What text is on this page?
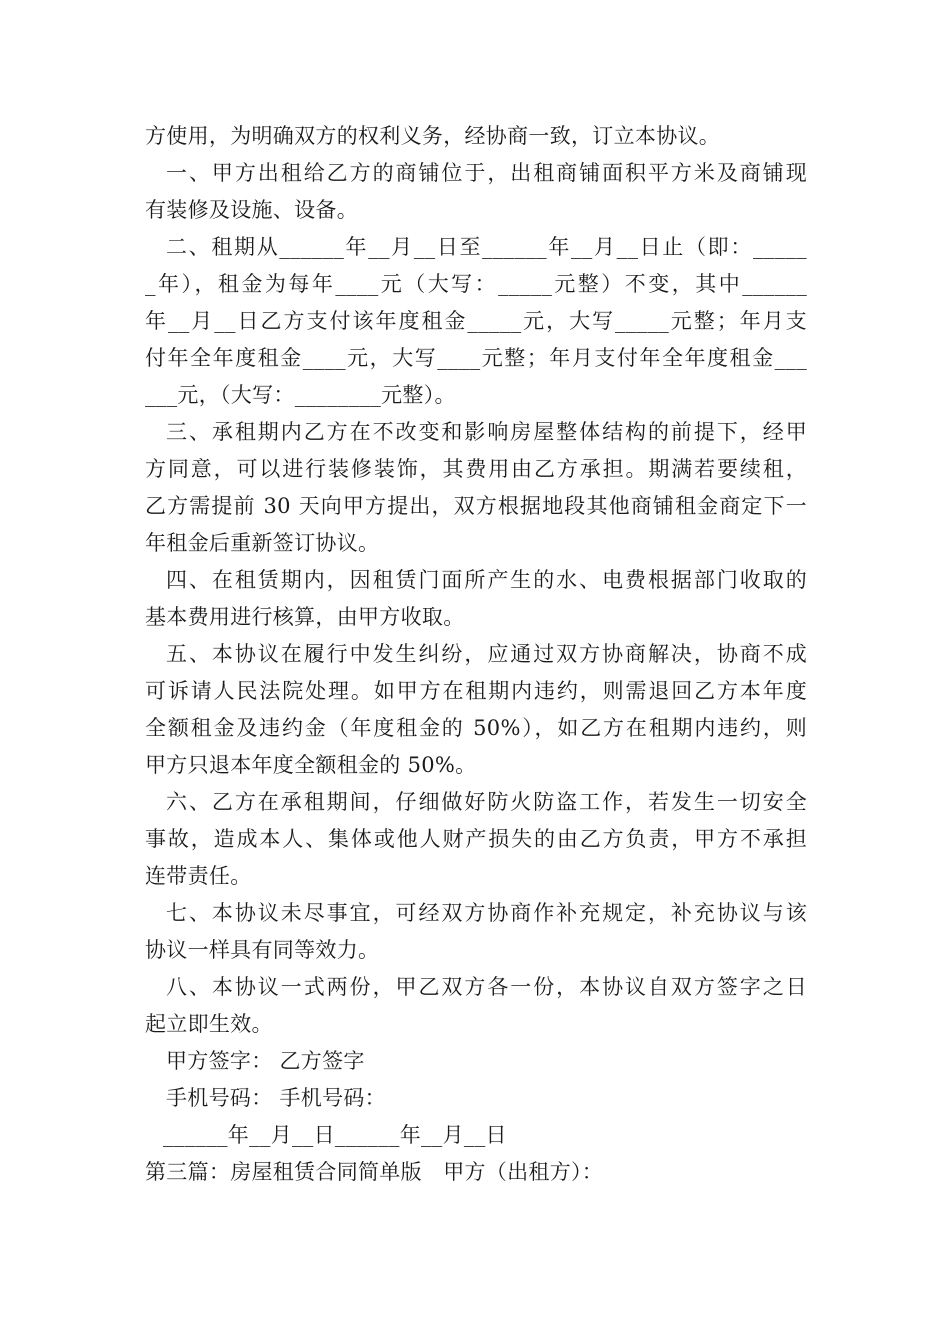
方使用，为明确双方的权利义务，经协商一致，订立本协议。
一、甲方出租给乙方的商铺位于，出租商铺面积平方米及商铺现
有装修及设施、设备。
二、租期从______年__月__日至______年__月__日止（即：_____
_年），租金为每年____元（大写：_____元整）不变，其中______
年__月__日乙方支付该年度租金_____元，大写_____元整；年月支
付年全年度租金____元，大写____元整；年月支付年全年度租金___
___元，（大写：________元整）。
三、承租期内乙方在不改变和影响房屋整体结构的前提下，经甲
方同意，可以进行装修装饰，其费用由乙方承担。期满若要续租，
乙方需提前 30 天向甲方提出，双方根据地段其他商铺租金商定下一
年租金后重新签订协议。
四、在租赁期内，因租赁门面所产生的水、电费根据部门收取的
基本费用进行核算，由甲方收取。
五、本协议在履行中发生纠纷，应通过双方协商解决，协商不成
可诉请人民法院处理。如甲方在租期内违约，则需退回乙方本年度
全额租金及违约金（年度租金的 50%），如乙方在租期内违约，则
甲方只退本年度全额租金的 50%。
六、乙方在承租期间，仔细做好防火防盗工作，若发生一切安全
事故，造成本人、集体或他人财产损失的由乙方负责，甲方不承担
连带责任。
七、本协议未尽事宜，可经双方协商作补充规定，补充协议与该
协议一样具有同等效力。
八、本协议一式两份，甲乙双方各一份，本协议自双方签字之日
起立即生效。
甲方签字： 乙方签字
手机号码： 手机号码：
______年__月__日______年__月__日
第三篇：房屋租赁合同简单版　甲方（出租方）：
